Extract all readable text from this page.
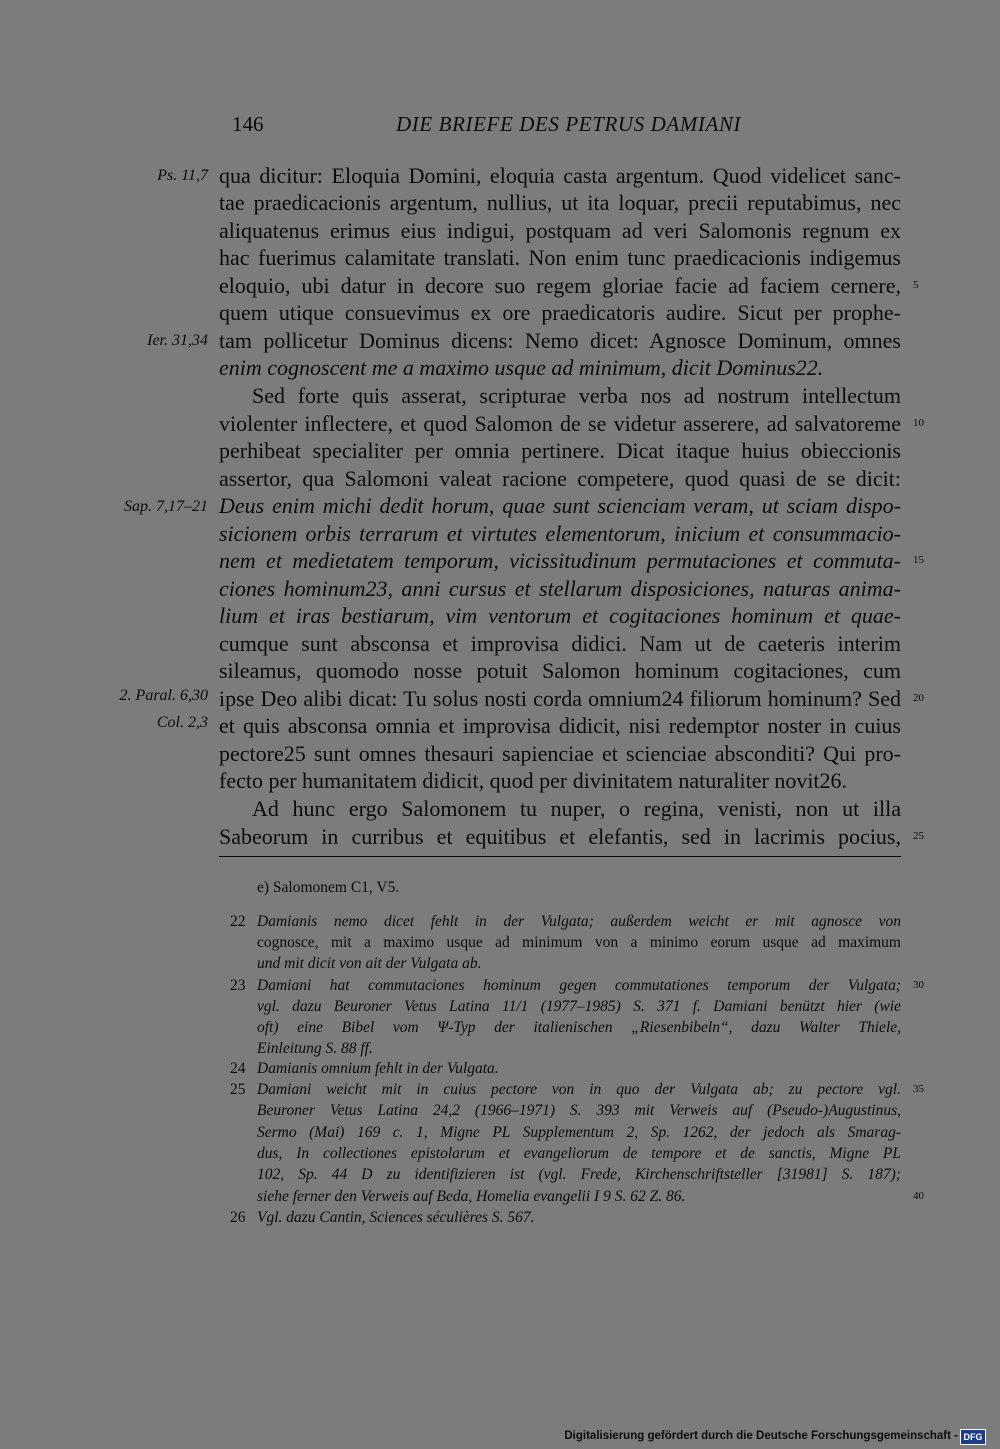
146	DIE BRIEFE DES PETRUS DAMIANI
Ps. 11,7
Ier. 31,34
Sap. 7,17–21
2. Paral. 6,30
Col. 2,3
5
10
15
20
25
qua dicitur: Eloquia Domini, eloquia casta argentum. Quod videlicet sanc-
tae praedicacionis argentum, nullius, ut ita loquar, precii reputabimus, nec
aliquatenus erimus eius indigui, postquam ad veri Salomonis regnum ex
hac fuerimus calamitate translati. Non enim tunc praedicacionis indigemus
eloquio, ubi datur in decore suo regem gloriae facie ad faciem cernere,
quem utique consuevimus ex ore praedicatoris audire. Sicut per prophe-
tam pollicetur Dominus dicens: Nemo dicet: Agnosce Dominum, omnes
enim cognoscent me a maximo usque ad minimum, dicit Dominus22.
Sed forte quis asserat, scripturae verba nos ad nostrum intellectum
violenter inflectere, et quod Salomon de se videtur asserere, ad salvatoreme
perhibeat specialiter per omnia pertinere. Dicat itaque huius obieccionis
assertor, qua Salomoni valeat racione competere, quod quasi de se dicit:
Deus enim michi dedit horum, quae sunt scienciam veram, ut sciam dispo-
sicionem orbis terrarum et virtutes elementorum, inicium et consummacio-
nem et medietatem temporum, vicissitudinum permutaciones et commuta-
ciones hominum23, anni cursus et stellarum disposiciones, naturas anima-
lium et iras bestiarum, vim ventorum et cogitaciones hominum et quae-
cumque sunt absconsa et improvisa didici. Nam ut de caeteris interim
sileamus, quomodo nosse potuit Salomon hominum cogitaciones, cum
ipse Deo alibi dicat: Tu solus nosti corda omnium24 filiorum hominum? Sed
et quis absconsa omnia et improvisa didicit, nisi redemptor noster in cuius
pectore25 sunt omnes thesauri sapienciae et scienciae absconditi? Qui pro-
fecto per humanitatem didicit, quod per divinitatem naturaliter novit26.
Ad hunc ergo Salomonem tu nuper, o regina, venisti, non ut illa
Sabeorum in curribus et equitibus et elefantis, sed in lacrimis pocius,
e) Salomonem C1, V5.
22
23
24
25
26
30
35
40
Damianis nemo dicet fehlt in der Vulgata; außerdem weicht er mit agnosce von
cognosce, mit a maximo usque ad minimum von a minimo eorum usque ad maximum
und mit dicit von ait der Vulgata ab.
Damiani hat commutaciones hominum gegen commutationes temporum der Vulgata;
vgl. dazu Beuroner Vetus Latina 11/1 (1977–1985) S. 371 f. Damiani benützt hier (wie
oft) eine Bibel vom Ψ-Typ der italienischen „Riesenbibeln“, dazu Walter Thiele,
Einleitung S. 88 ff.
Damianis omnium fehlt in der Vulgata.
Damiani weicht mit in cuius pectore von in quo der Vulgata ab; zu pectore vgl.
Beuroner Vetus Latina 24,2 (1966–1971) S. 393 mit Verweis auf (Pseudo-)Augustinus,
Sermo (Mai) 169 c. 1, Migne PL Supplementum 2, Sp. 1262, der jedoch als Smarag-
dus, In collectiones epistolarum et evangeliorum de tempore et de sanctis, Migne PL
102, Sp. 44 D zu identifizieren ist (vgl. Frede, Kirchenschriftsteller [31981] S. 187);
siehe ferner den Verweis auf Beda, Homelia evangelii I 9 S. 62 Z. 86.
Vgl. dazu Cantin, Sciences séculières S. 567.
Digitalisierung gefördert durch die Deutsche Forschungsgemeinschaft - DFG
